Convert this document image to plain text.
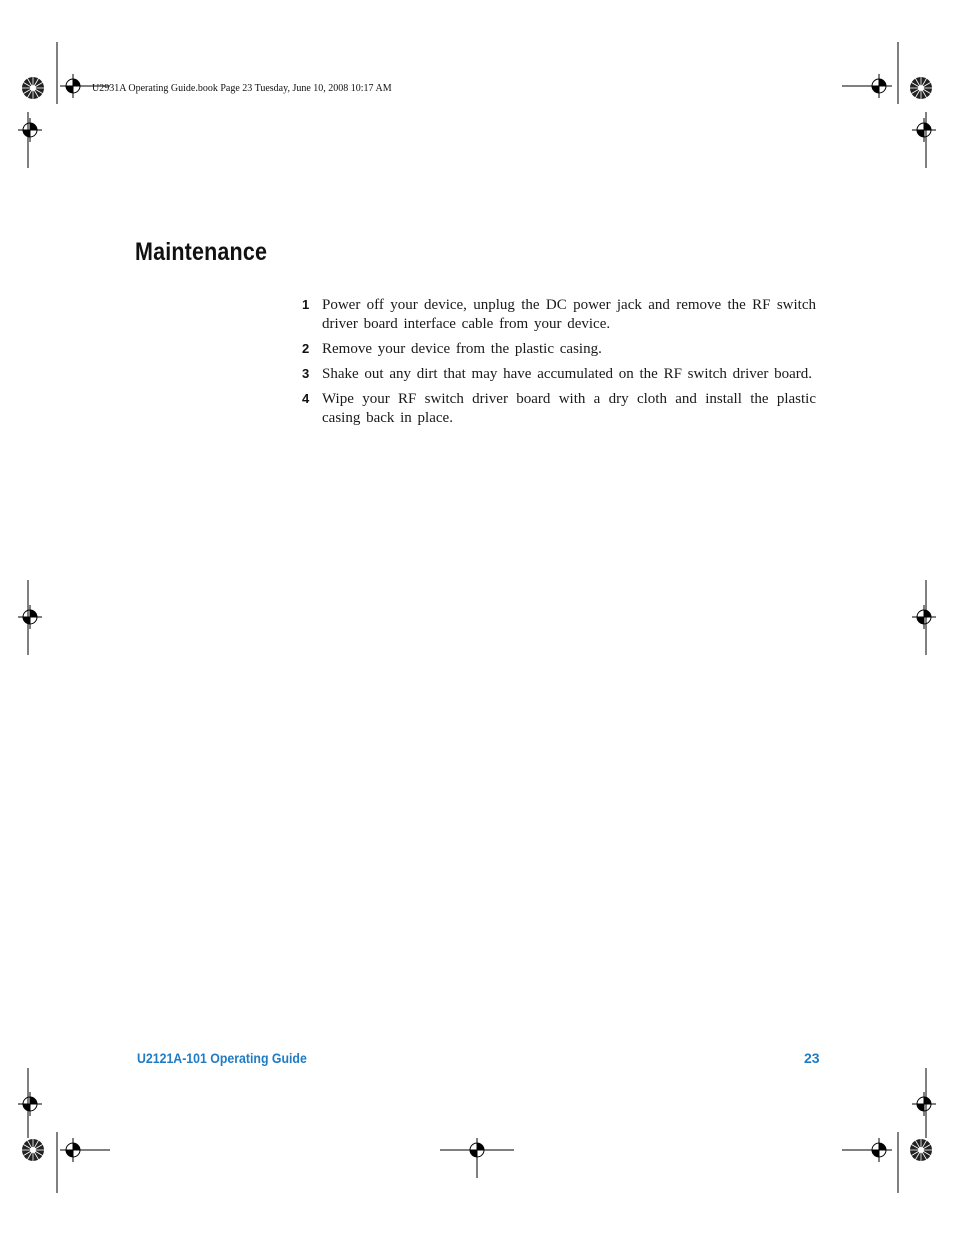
U2931A Operating Guide.book Page 23 Tuesday, June 10, 2008 10:17 AM
Maintenance
1 Power off your device, unplug the DC power jack and remove the RF switch driver board interface cable from your device.
2 Remove your device from the plastic casing.
3 Shake out any dirt that may have accumulated on the RF switch driver board.
4 Wipe your RF switch driver board with a dry cloth and install the plastic casing back in place.
U2121A-101 Operating Guide	23
